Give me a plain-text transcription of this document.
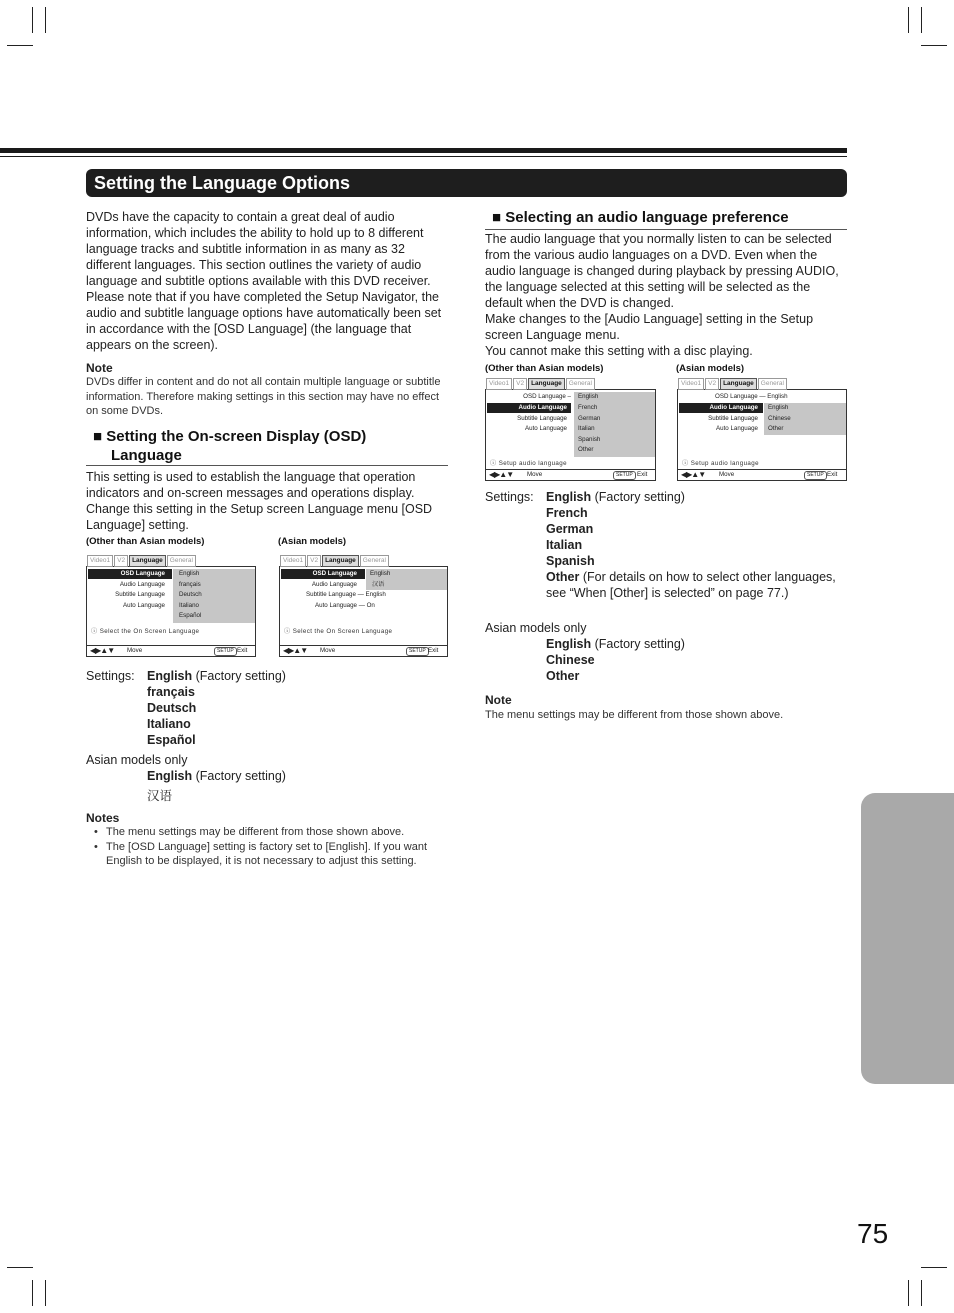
Setting the Language Options
75
DVDs have the capacity to contain a great deal of audio information, which includes the ability to hold up to 8 different language tracks and subtitle information in as many as 32 different languages. This section outlines the variety of audio language and subtitle options available with this DVD receiver. Please note that if you have completed the Setup Navigator, the audio and subtitle language options have automatically been set in accordance with the [OSD Language] (the language that appears on the screen).
Note
DVDs differ in content and do not all contain multiple language or subtitle information. Therefore making settings in this section may have no effect on some DVDs.
■ Setting the On-screen Display (OSD)
Language
This setting is used to establish the language that operation indicators and on-screen messages and operations display. Change this setting in the Setup screen Language menu [OSD Language] setting.
(Other than Asian models)	(Asian models)
Video1	V2	Language	General
OSD Language
Audio Language
Subtitle Language
Auto Language
English
français
Deutsch
Italiano
Español
ⓘ Select the On Screen Language
◀▶▲▼ Move	SETUP Exit
Video1	V2	Language	General
OSD Language
Audio Language
Subtitle Language — English
Auto Language — On
English
汉语
ⓘ Select the On Screen Language
◀▶▲▼ Move	SETUP Exit
Settings: English (Factory setting)
français
Deutsch
Italiano
Español
Asian models only
English (Factory setting)
汉语
Notes
• The menu settings may be different from those shown above.
• The [OSD Language] setting is factory set to [English]. If you want English to be displayed, it is not necessary to adjust this setting.
■ Selecting an audio language preference
The audio language that you normally listen to can be selected from the various audio languages on a DVD. Even when the audio language is changed during playback by pressing AUDIO, the language selected at this setting will be selected as the default when the DVD is changed.
Make changes to the [Audio Language] setting in the Setup screen Language menu.
You cannot make this setting with a disc playing.
(Other than Asian models)	(Asian models)
Video1	V2	Language	General
OSD Language –
Audio Language
Subtitle Language
Auto Language
English
French
German
Italian
Spanish
Other
ⓘ Setup audio language
◀▶▲▼ Move	SETUP Exit
Video1	V2	Language	General
OSD Language — English
Audio Language
Subtitle Language
Auto Language
English
Chinese
Other
ⓘ Setup audio language
◀▶▲▼ Move	SETUP Exit
Settings: English (Factory setting)
French
German
Italian
Spanish
Other (For details on how to select other languages, see “When [Other] is selected” on page 77.)
Asian models only
English (Factory setting)
Chinese
Other
Note
The menu settings may be different from those shown above.
